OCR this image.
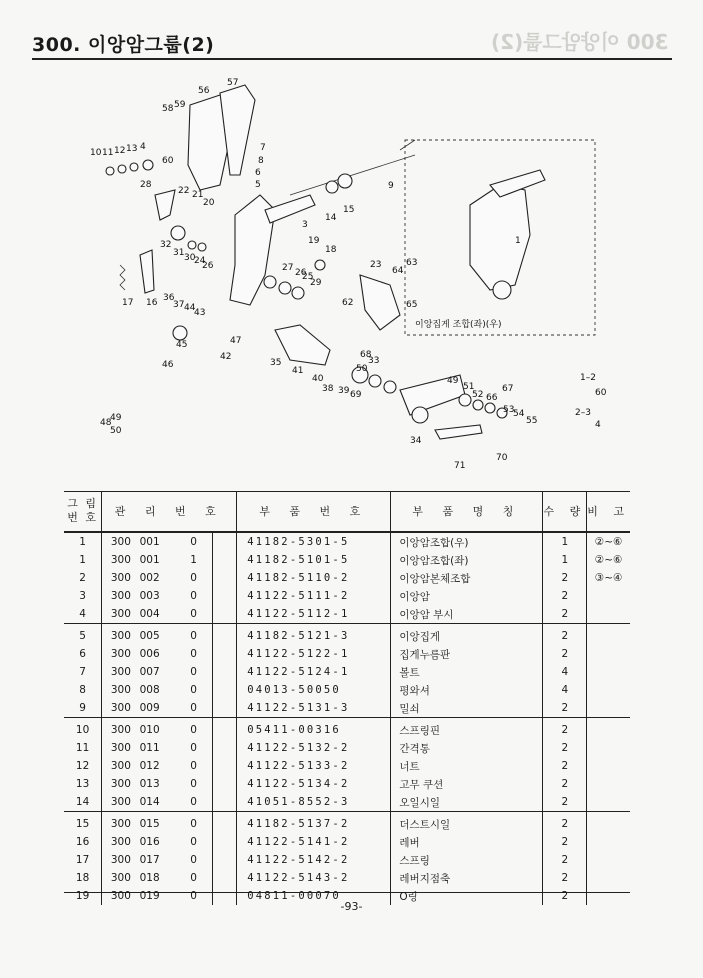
300. 이앙암그룹(2)	300 이양암그룹(2)
10 11 12 13 4
60
59
56
57
58
7
8
6
5	9
28
22 21
20
14
15
3
32
31 30
24
26
19
18
27 26
25
29
23
64
63
1
17 16 36
37 44
43
62	65
45
46
47
42
35
41
40
38 39 69
68
33
50
49
51
52 66
67
53
54
55
34
71
70
48
49
50
이앙집게 조합(좌)(우)
1–2
60
2–3
4
그 림
번 호	관 리 번 호				부 품 번 호	부 품 명 칭	수 량	비 고
1	300	001	0		41182-5301-5	이앙암조합(우)	1	②~⑥
1	300	001	1		41182-5101-5	이앙암조합(좌)	1	②~⑥
2	300	002	0		41182-5110-2	이앙암본체조합	2	③~④
3	300	003	0		41122-5111-2	이앙암	2	
4	300	004	0		41122-5112-1	이앙암 부시	2	
5	300	005	0		41182-5121-3	이앙집게	2	
6	300	006	0		41122-5122-1	집게누름판	2	
7	300	007	0		41122-5124-1	볼트	4	
8	300	008	0		04013-50050	평와셔	4	
9	300	009	0		41122-5131-3	밀쇠	2	
10	300	010	0		05411-00316	스프링핀	2	
11	300	011	0		41122-5132-2	간격통	2	
12	300	012	0		41122-5133-2	너트	2	
13	300	013	0		41122-5134-2	고무 쿠션	2	
14	300	014	0		41051-8552-3	오일시일	2	
15	300	015	0		41182-5137-2	더스트시일	2	
16	300	016	0		41122-5141-2	레버	2	
17	300	017	0		41122-5142-2	스프링	2	
18	300	018	0		41122-5143-2	레버지점축	2	
19	300	019	0		04811-00070	O링	2	
-93-
